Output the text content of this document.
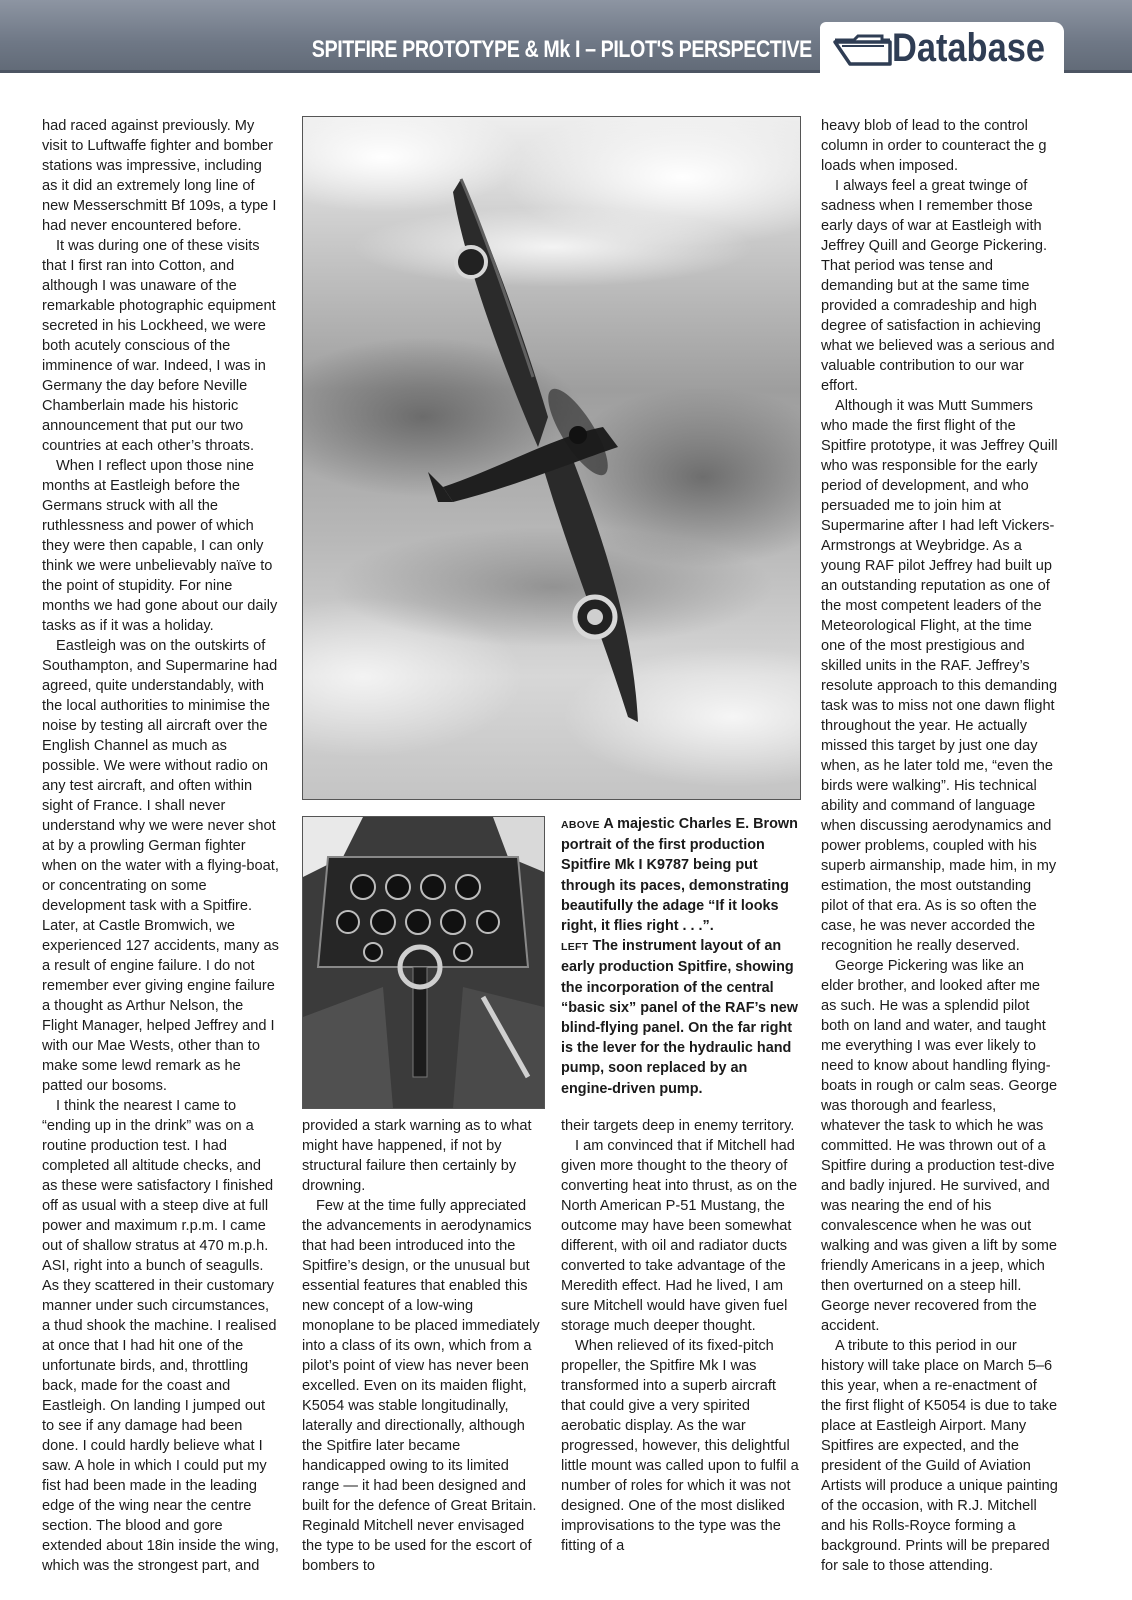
SPITFIRE PROTOTYPE & Mk I – PILOT'S PERSPECTIVE Database

had raced against previously. My visit to Luftwaffe fighter and bomber stations was impressive, including as it did an extremely long line of new Messerschmitt Bf 109s, a type I had never encountered before.

It was during one of these visits that I first ran into Cotton, and although I was unaware of the remarkable photographic equipment secreted in his Lockheed, we were both acutely conscious of the imminence of war. Indeed, I was in Germany the day before Neville Chamberlain made his historic announcement that put our two countries at each other’s throats.

When I reflect upon those nine months at Eastleigh before the Germans struck with all the ruthlessness and power of which they were then capable, I can only think we were unbelievably naïve to the point of stupidity. For nine months we had gone about our daily tasks as if it was a holiday.

Eastleigh was on the outskirts of Southampton, and Supermarine had agreed, quite understandably, with the local authorities to minimise the noise by testing all aircraft over the English Channel as much as possible. We were without radio on any test aircraft, and often within sight of France. I shall never understand why we were never shot at by a prowling German fighter when on the water with a flying-boat, or concentrating on some development task with a Spitfire. Later, at Castle Bromwich, we experienced 127 accidents, many as a result of engine failure. I do not remember ever giving engine failure a thought as Arthur Nelson, the Flight Manager, helped Jeffrey and I with our Mae Wests, other than to make some lewd remark as he patted our bosoms.

I think the nearest I came to “ending up in the drink” was on a routine production test. I had completed all altitude checks, and as these were satisfactory I finished off as usual with a steep dive at full power and maximum r.p.m. I came out of shallow stratus at 470 m.p.h. ASI, right into a bunch of seagulls. As they scattered in their customary manner under such circumstances, a thud shook the machine. I realised at once that I had hit one of the unfortunate birds, and, throttling back, made for the coast and Eastleigh. On landing I jumped out to see if any damage had been done. I could hardly believe what I saw. A hole in which I could put my fist had been made in the leading edge of the wing near the centre section. The blood and gore extended about 18in inside the wing, which was the strongest part, and

ABOVE A majestic Charles E. Brown portrait of the first production Spitfire Mk I K9787 being put through its paces, demonstrating beautifully the adage “If it looks right, it flies right . . .”.
LEFT The instrument layout of an early production Spitfire, showing the incorporation of the central “basic six” panel of the RAF’s new blind-flying panel. On the far right is the lever for the hydraulic hand pump, soon replaced by an engine-driven pump.

provided a stark warning as to what might have happened, if not by structural failure then certainly by drowning.

Few at the time fully appreciated the advancements in aerodynamics that had been introduced into the Spitfire’s design, or the unusual but essential features that enabled this new concept of a low-wing monoplane to be placed immediately into a class of its own, which from a pilot’s point of view has never been excelled. Even on its maiden flight, K5054 was stable longitudinally, laterally and directionally, although the Spitfire later became handicapped owing to its limited range — it had been designed and built for the defence of Great Britain. Reginald Mitchell never envisaged the type to be used for the escort of bombers to

their targets deep in enemy territory.

I am convinced that if Mitchell had given more thought to the theory of converting heat into thrust, as on the North American P-51 Mustang, the outcome may have been somewhat different, with oil and radiator ducts converted to take advantage of the Meredith effect. Had he lived, I am sure Mitchell would have given fuel storage much deeper thought.

When relieved of its fixed-pitch propeller, the Spitfire Mk I was transformed into a superb aircraft that could give a very spirited aerobatic display. As the war progressed, however, this delightful little mount was called upon to fulfil a number of roles for which it was not designed. One of the most disliked improvisations to the type was the fitting of a

heavy blob of lead to the control column in order to counteract the g loads when imposed.

I always feel a great twinge of sadness when I remember those early days of war at Eastleigh with Jeffrey Quill and George Pickering. That period was tense and demanding but at the same time provided a comradeship and high degree of satisfaction in achieving what we believed was a serious and valuable contribution to our war effort.

Although it was Mutt Summers who made the first flight of the Spitfire prototype, it was Jeffrey Quill who was responsible for the early period of development, and who persuaded me to join him at Supermarine after I had left Vickers-Armstrongs at Weybridge. As a young RAF pilot Jeffrey had built up an outstanding reputation as one of the most competent leaders of the Meteorological Flight, at the time one of the most prestigious and skilled units in the RAF. Jeffrey’s resolute approach to this demanding task was to miss not one dawn flight throughout the year. He actually missed this target by just one day when, as he later told me, “even the birds were walking”. His technical ability and command of language when discussing aerodynamics and power problems, coupled with his superb airmanship, made him, in my estimation, the most outstanding pilot of that era. As is so often the case, he was never accorded the recognition he really deserved.

George Pickering was like an elder brother, and looked after me as such. He was a splendid pilot both on land and water, and taught me everything I was ever likely to need to know about handling flying-boats in rough or calm seas. George was thorough and fearless, whatever the task to which he was committed. He was thrown out of a Spitfire during a production test-dive and badly injured. He survived, and was nearing the end of his convalescence when he was out walking and was given a lift by some friendly Americans in a jeep, which then overturned on a steep hill. George never recovered from the accident.

A tribute to this period in our history will take place on March 5–6 this year, when a re-enactment of the first flight of K5054 is due to take place at Eastleigh Airport. Many Spitfires are expected, and the president of the Guild of Aviation Artists will produce a unique painting of the occasion, with R.J. Mitchell and his Rolls-Royce forming a background. Prints will be prepared for sale to those attending.
